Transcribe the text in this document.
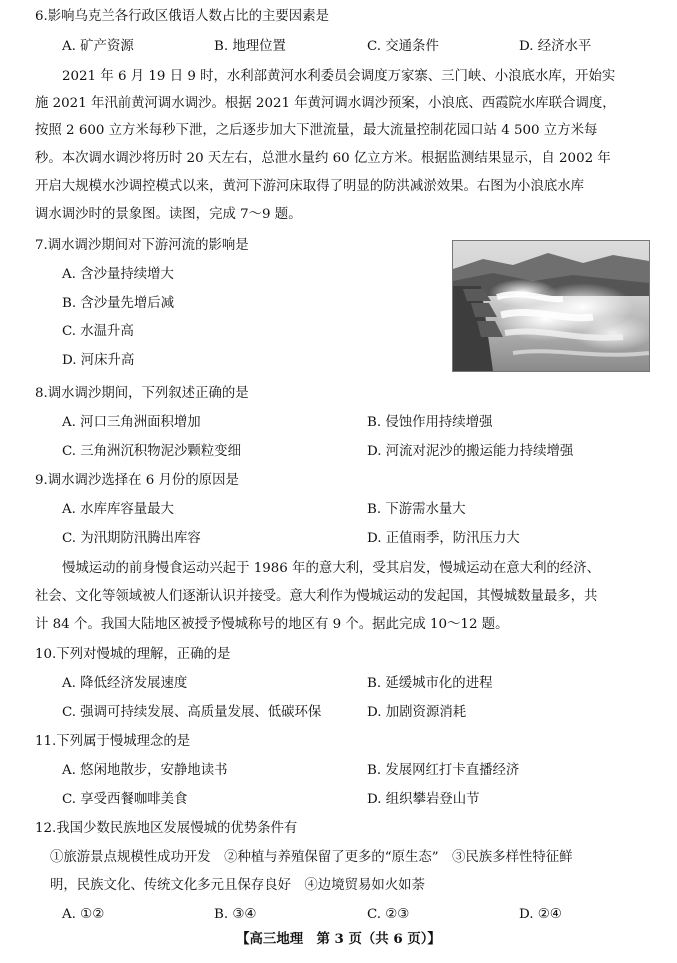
6.影响乌克兰各行政区俄语人数占比的主要因素是
A. 矿产资源	B. 地理位置	C. 交通条件	D. 经济水平
2021 年 6 月 19 日 9 时，水利部黄河水利委员会调度万家寨、三门峡、小浪底水库，开始实
施 2021 年汛前黄河调水调沙。根据 2021 年黄河调水调沙预案，小浪底、西霞院水库联合调度，
按照 2 600 立方米每秒下泄，之后逐步加大下泄流量，最大流量控制花园口站 4 500 立方米每
秒。本次调水调沙将历时 20 天左右，总泄水量约 60 亿立方米。根据监测结果显示，自 2002 年
开启大规模水沙调控模式以来，黄河下游河床取得了明显的防洪减淤效果。右图为小浪底水库
调水调沙时的景象图。读图，完成 7～9 题。
7.调水调沙期间对下游河流的影响是
A. 含沙量持续增大
B. 含沙量先增后减
C. 水温升高
D. 河床升高
8.调水调沙期间，下列叙述正确的是
A. 河口三角洲面积增加	B. 侵蚀作用持续增强
C. 三角洲沉积物泥沙颗粒变细	D. 河流对泥沙的搬运能力持续增强
9.调水调沙选择在 6 月份的原因是
A. 水库库容量最大	B. 下游需水量大
C. 为汛期防汛腾出库容	D. 正值雨季，防汛压力大
慢城运动的前身慢食运动兴起于 1986 年的意大利，受其启发，慢城运动在意大利的经济、
社会、文化等领域被人们逐渐认识并接受。意大利作为慢城运动的发起国，其慢城数量最多，共
计 84 个。我国大陆地区被授予慢城称号的地区有 9 个。据此完成 10～12 题。
10.下列对慢城的理解，正确的是
A. 降低经济发展速度	B. 延缓城市化的进程
C. 强调可持续发展、高质量发展、低碳环保	D. 加剧资源消耗
11.下列属于慢城理念的是
A. 悠闲地散步，安静地读书	B. 发展网红打卡直播经济
C. 享受西餐咖啡美食	D. 组织攀岩登山节
12.我国少数民族地区发展慢城的优势条件有
①旅游景点规模性成功开发　②种植与养殖保留了更多的“原生态”　③民族多样性特征鲜
明，民族文化、传统文化多元且保存良好　④边境贸易如火如荼
A. ①②	B. ③④	C. ②③	D. ②④
【高三地理　第 3 页（共 6 页）】
